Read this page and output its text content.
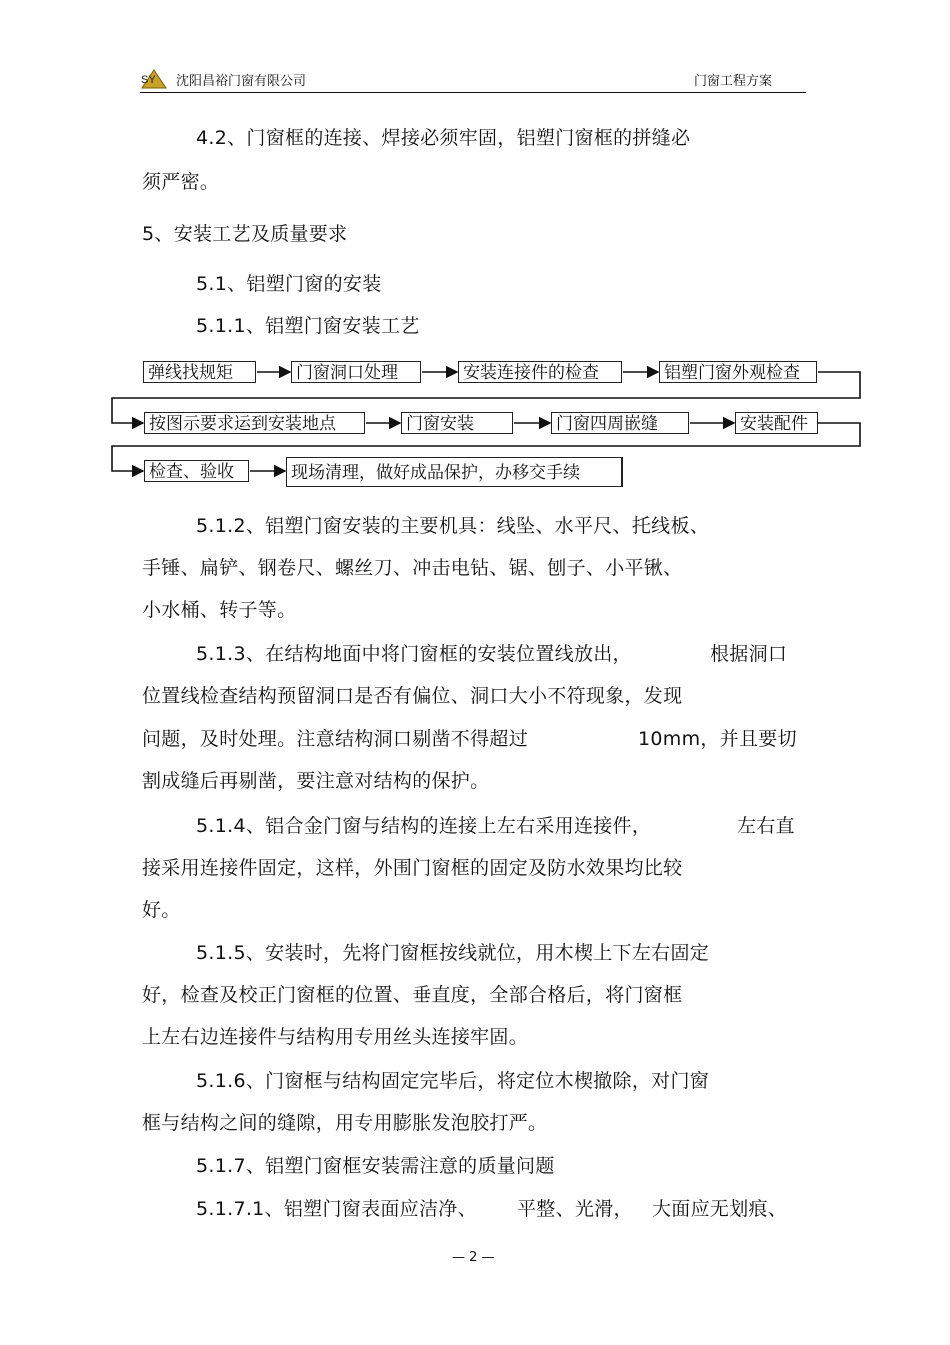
SY 沈阳昌裕门窗有限公司	门窗工程方案
4.2、门窗框的连接、焊接必须牢固，铝塑门窗框的拼缝必
须严密。
5、安装工艺及质量要求
5.1、铝塑门窗的安装
5.1.1、铝塑门窗安装工艺
弹线找规矩	门窗洞口处理	安装连接件的检查	铝塑门窗外观检查
按图示要求运到安装地点	门窗安装	门窗四周嵌缝	安装配件
检查、验收	现场清理，做好成品保护，办移交手续
5.1.2、铝塑门窗安装的主要机具：线坠、水平尺、托线板、
手锤、扁铲、钢卷尺、螺丝刀、冲击电钻、锯、刨子、小平锹、
小水桶、转子等。
5.1.3、在结构地面中将门窗框的安装位置线放出，	根据洞口
位置线检查结构预留洞口是否有偏位、洞口大小不符现象，发现
问题，及时处理。注意结构洞口剔凿不得超过	10mm，并且要切
割成缝后再剔凿，要注意对结构的保护。
5.1.4、铝合金门窗与结构的连接上左右采用连接件，	左右直
接采用连接件固定，这样，外围门窗框的固定及防水效果均比较
好。
5.1.5、安装时，先将门窗框按线就位，用木楔上下左右固定
好，检查及校正门窗框的位置、垂直度，全部合格后，将门窗框
上左右边连接件与结构用专用丝头连接牢固。
5.1.6、门窗框与结构固定完毕后，将定位木楔撤除，对门窗
框与结构之间的缝隙，用专用膨胀发泡胶打严。
5.1.7、铝塑门窗框安装需注意的质量问题
5.1.7.1、铝塑门窗表面应洁净、 平整、光滑， 大面应无划痕、
— 2 —
